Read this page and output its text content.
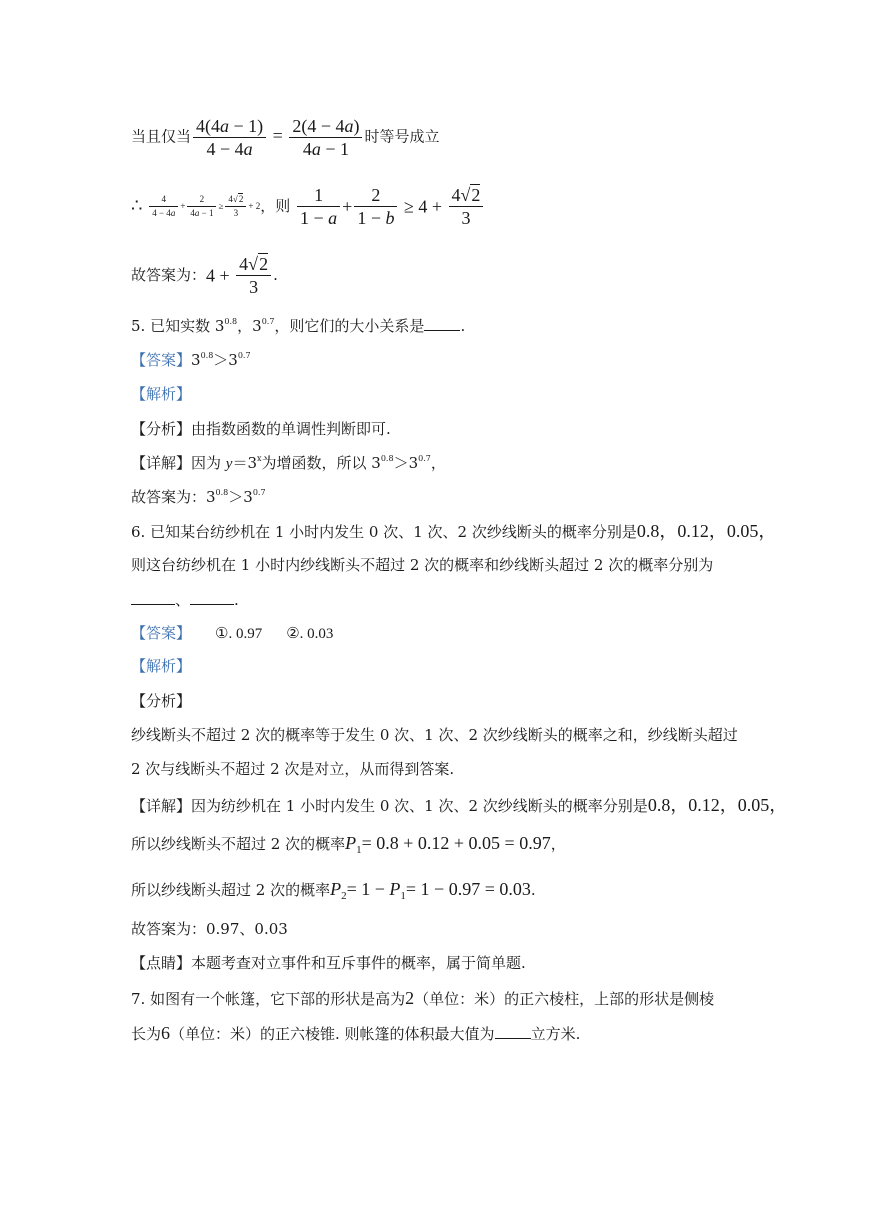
当且仅当 $\frac{4(4a - 1)}{4 - 4a} = \frac{2(4 - 4a)}{4a - 1}$ 时等号成立
∴ $\frac{4}{4 - 4a} + \frac{2}{4a - 1} \ge \frac{4√2}{3} + 2$，则 $\frac{1}{1 - a} + \frac{2}{1 - b} \ge 4 + \frac{4√2}{3}$
故答案为：$4 + \frac{4√2}{3}$ .
5. 已知实数 $3^{0.8}$，$3^{0.7}$，则它们的大小关系是 .
【答案】$3^{0.8}>3^{0.7}$
【解析】
【分析】由指数函数的单调性判断即可.
【详解】因为 $y=3^x$为增函数，所以 $3^{0.8}>3^{0.7}$，
故答案为：$3^{0.8}>3^{0.7}$
6. 已知某台纺纱机在 1 小时内发生 0 次、1 次、2 次纱线断头的概率分别是0.8，0.12，0.05，
则这台纺纱机在 1 小时内纱线断头不超过 2 次的概率和纱线断头超过 2 次的概率分别为
、	.
【答案】 ①. 0.97 ②. 0.03
【解析】
【分析】
纱线断头不超过 2 次的概率等于发生 0 次、1 次、2 次纱线断头的概率之和，纱线断头超过
2 次与线断头不超过 2 次是对立，从而得到答案.
【详解】因为纺纱机在 1 小时内发生 0 次、1 次、2 次纱线断头的概率分别是0.8，0.12，0.05，
所以纱线断头不超过 2 次的概率$P_1= 0.8 + 0.12 + 0.05 = 0.97$，
所以纱线断头超过 2 次的概率$P_2= 1 - P_1= 1 - 0.97 = 0.03$.
故答案为：0.97、0.03
【点睛】本题考查对立事件和互斥事件的概率，属于简单题.
7. 如图有一个帐篷，它下部的形状是高为2（单位：米）的正六棱柱，上部的形状是侧棱
长为6（单位：米）的正六棱锥. 则帐篷的体积最大值为 立方米.
